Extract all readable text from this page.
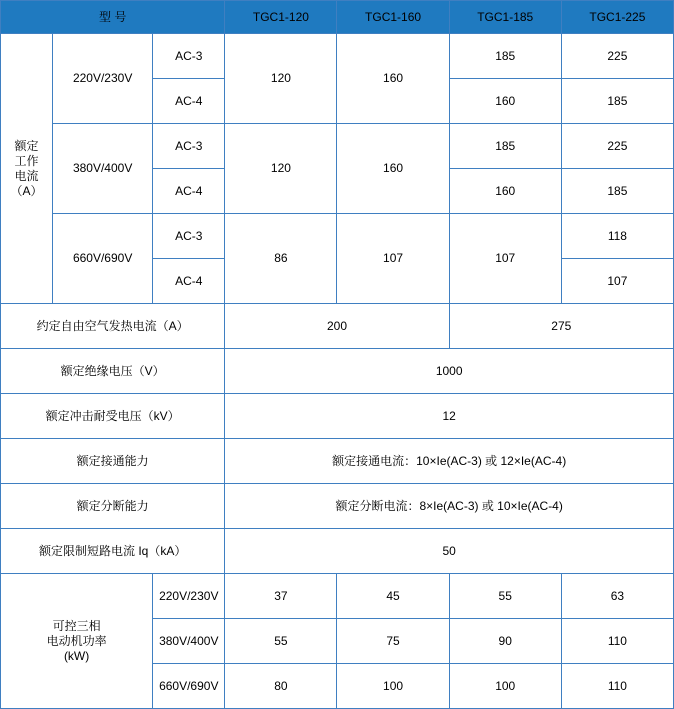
型 号			TGC1-120	TGC1-160	TGC1-185	TGC1-225

额定
工作
电流
（A）	220V/230V	AC-3	120	160	185	225
		AC-4			160	185
	380V/400V	AC-3	120	160	185	225
		AC-4			160	185
	660V/690V	AC-3	86	107	107	118
		AC-4				107
约定自由空气发热电流（A）			200		275	
额定绝缘电压（V）			1000			
额定冲击耐受电压（kV）			12			
额定接通能力			额定接通电流：10×Ie(AC-3) 或 12×Ie(AC-4)			
额定分断能力			额定分断电流：8×Ie(AC-3) 或 10×Ie(AC-4)			
额定限制短路电流 Iq（kA）			50			

可控三相
电动机功率
(kW)		220V/230V	37	45	55	63
		380V/400V	55	75	90	110
		660V/690V	80	100	100	110
